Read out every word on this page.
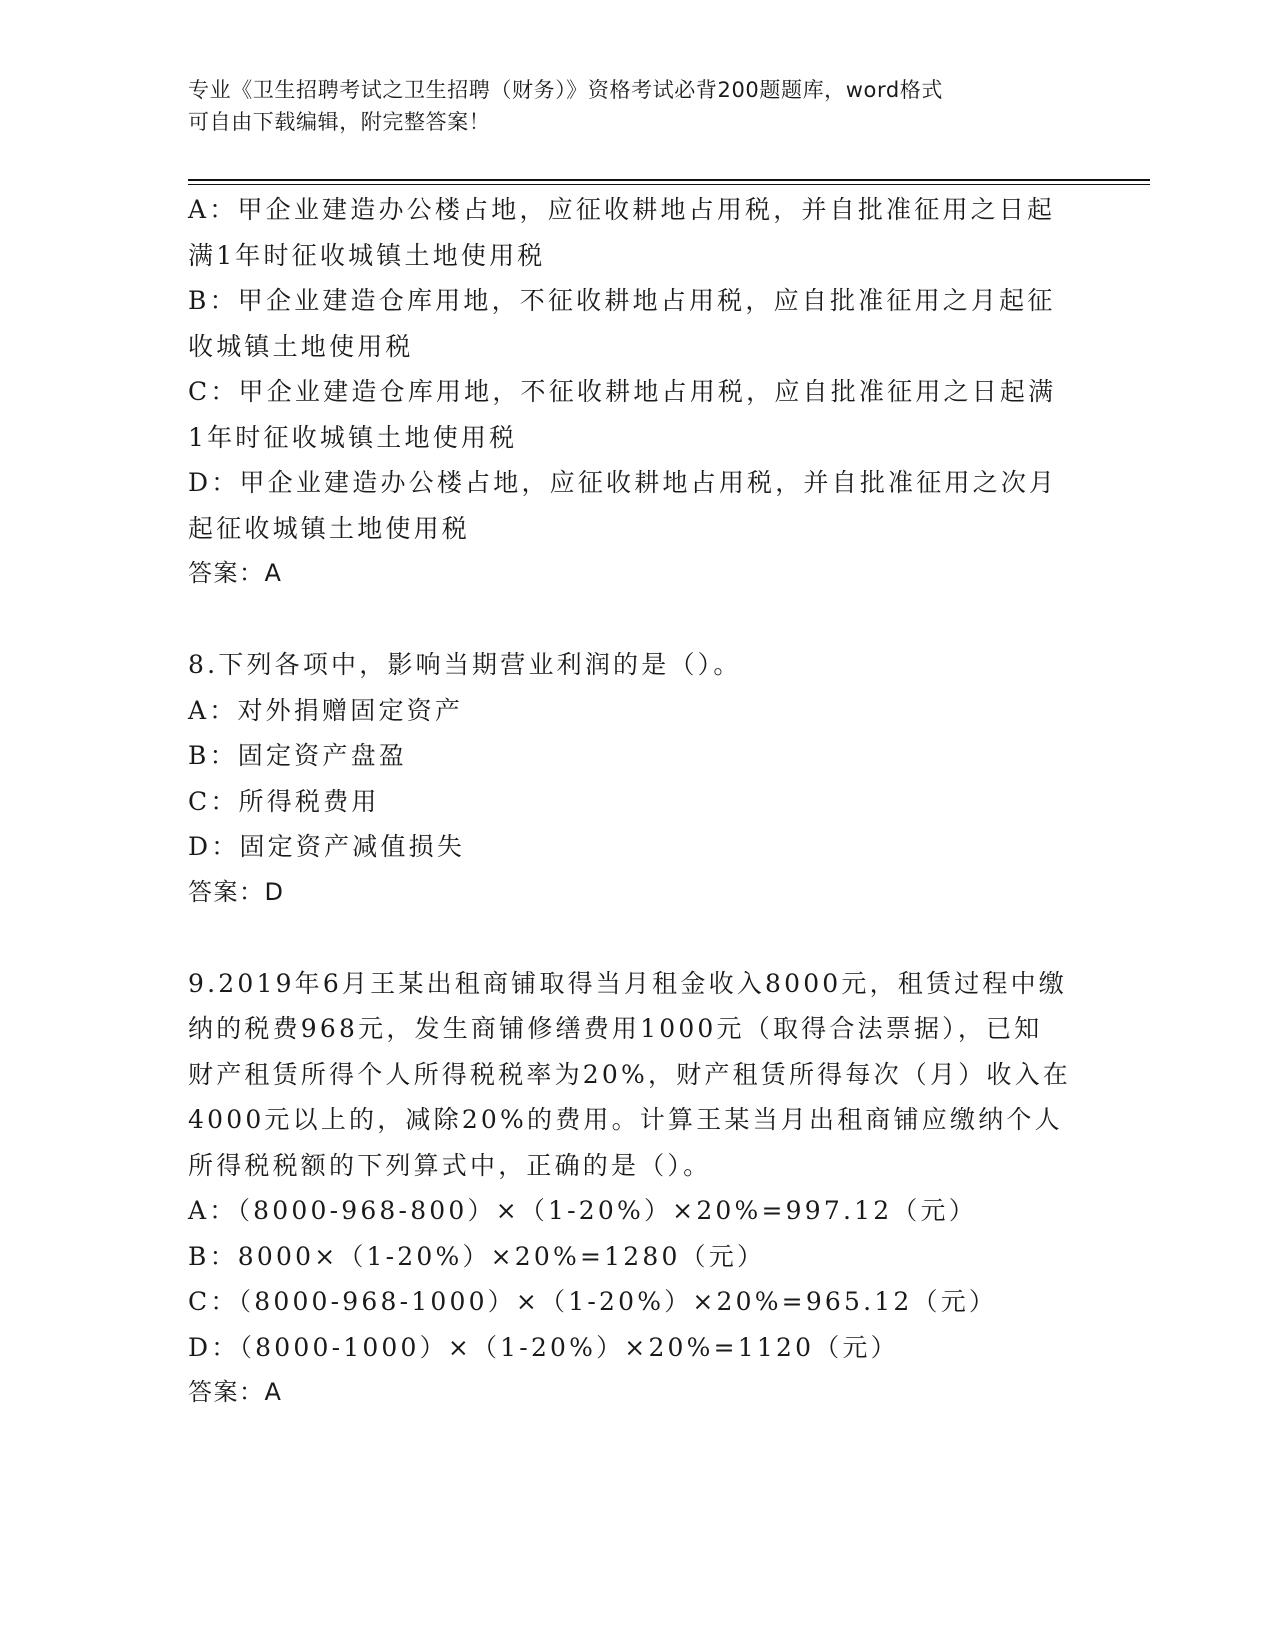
专业《卫生招聘考试之卫生招聘（财务）》资格考试必背200题题库，word格式
可自由下载编辑，附完整答案！
A：甲企业建造办公楼占地，应征收耕地占用税，并自批准征用之日起
满1年时征收城镇土地使用税
B：甲企业建造仓库用地，不征收耕地占用税，应自批准征用之月起征
收城镇土地使用税
C：甲企业建造仓库用地，不征收耕地占用税，应自批准征用之日起满
1年时征收城镇土地使用税
D：甲企业建造办公楼占地，应征收耕地占用税，并自批准征用之次月
起征收城镇土地使用税
答案：A
8.下列各项中，影响当期营业利润的是（）。
A：对外捐赠固定资产
B：固定资产盘盈
C：所得税费用
D：固定资产减值损失
答案：D
9.2019年6月王某出租商铺取得当月租金收入8000元，租赁过程中缴
纳的税费968元，发生商铺修缮费用1000元（取得合法票据），已知
财产租赁所得个人所得税税率为20%，财产租赁所得每次（月）收入在
4000元以上的，减除20%的费用。计算王某当月出租商铺应缴纳个人
所得税税额的下列算式中，正确的是（）。
A：（8000-968-800）×（1-20%）×20%=997.12（元）
B：8000×（1-20%）×20%=1280（元）
C：（8000-968-1000）×（1-20%）×20%=965.12（元）
D：（8000-1000）×（1-20%）×20%=1120（元）
答案：A
